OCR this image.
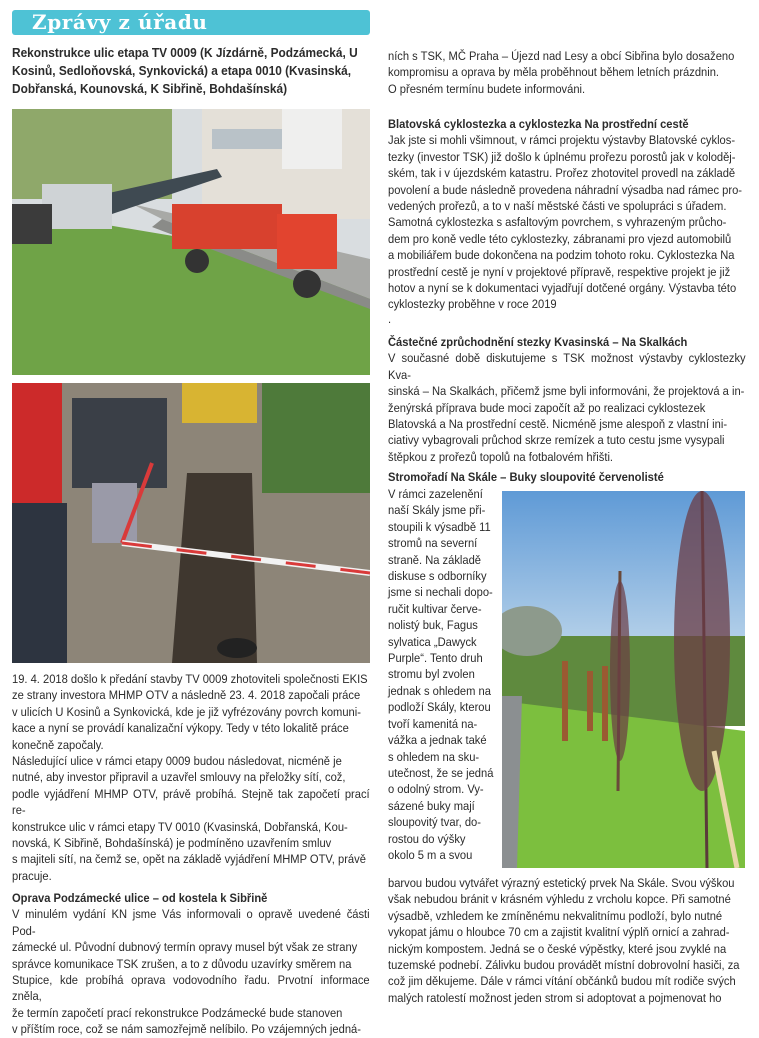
Zprávy z úřadu

Rekonstrukce ulic etapa TV 0009 (K Jízdárně, Podzámecká, U
Kosinů, Sedloňovská, Synkovická) a etapa 0010 (Kvasinská,
Dobřanská, Kounovská, K Sibřině, Bohdašínská)

19. 4. 2018 došlo k předání stavby TV 0009 zhotoviteli společnosti EKIS
ze strany investora MHMP OTV a následně 23. 4. 2018 započali práce
v ulicích U Kosinů a Synkovická, kde je již vyfrézovány povrch komuni-
kace a nyní se provádí kanalizační výkopy. Tedy v této lokalitě práce
konečně započaly.

Následující ulice v rámci etapy 0009 budou následovat, nicméně je
nutné, aby investor připravil a uzavřel smlouvy na přeložky sítí, což,
podle vyjádření MHMP OTV, právě probíhá. Stejně tak započetí prací re-
konstrukce ulic v rámci etapy TV 0010 (Kvasinská, Dobřanská, Kou-
novská, K Sibřině, Bohdašínská) je podmíněno uzavřením smluv
s majiteli sítí, na čemž se, opět na základě vyjádření MHMP OTV, právě
pracuje.

Oprava Podzámecké ulice – od kostela k Sibřině

V minulém vydání KN jsme Vás informovali o opravě uvedené části Pod-
zámecké ul. Původní dubnový termín opravy musel být však ze strany
správce komunikace TSK zrušen, a to z důvodu uzavírky směrem na
Stupice, kde probíhá oprava vodovodního řadu. Prvotní informace zněla,
že termín započetí prací rekonstrukce Podzámecké bude stanoven
v příštím roce, což se nám samozřejmě nelíbilo. Po vzájemných jedná-

ních s TSK, MČ Praha – Újezd nad Lesy a obcí Sibřina bylo dosaženo
kompromisu a oprava by měla proběhnout během letních prázdnin.
O přesném termínu budete informováni.

Blatovská cyklostezka a cyklostezka Na prostřední cestě

Jak jste si mohli všimnout, v rámci projektu výstavby Blatovské cyklos-
tezky (investor TSK) již došlo k úplnému prořezu porostů jak v koloděj-
ském, tak i v újezdském katastru. Prořez zhotovitel provedl na základě
povolení a bude následně provedena náhradní výsadba nad rámec pro-
vedených prořezů, a to v naší městské části ve spolupráci s úřadem.
Samotná cyklostezka s asfaltovým povrchem, s vyhrazeným průcho-
dem pro koně vedle této cyklostezky, zábranami pro vjezd automobilů
a mobiliářem bude dokončena na podzim tohoto roku. Cyklostezka Na
prostřední cestě je nyní v projektové přípravě, respektive projekt je již
hotov a nyní se k dokumentaci vyjadřují dotčené orgány. Výstavba této
cyklostezky proběhne v roce 2019

.

Částečné zprůchodnění stezky Kvasinská – Na Skalkách

V současné době diskutujeme s TSK možnost výstavby cyklostezky Kva-
sinská – Na Skalkách, přičemž jsme byli informováni, že projektová a in-
ženýrská příprava bude moci započít až po realizaci cyklostezek
Blatovská a Na prostřední cestě. Nicméně jsme alespoň z vlastní ini-
ciativy vybagrovali průchod skrze remízek a tuto cestu jsme vysypali
štěpkou z prořezů topolů na fotbalovém hřišti.

Stromořadí Na Skále – Buky sloupovité červenolisté

V rámci zazelenění
naší Skály jsme při-
stoupili k výsadbě 11
stromů na severní
straně. Na základě
diskuse s odborníky
jsme si nechali dopo-
ručit kultivar červe-
nolistý buk, Fagus
sylvatica „Dawyck
Purple“. Tento druh
stromu byl zvolen
jednak s ohledem na
podloží Skály, kterou
tvoří kamenitá na-
vážka a jednak také
s ohledem na sku-
utečnost, že se jedná
o odolný strom. Vy-
sázené buky mají
sloupovitý tvar, do-
rostou do výšky
okolo 5 m a svou

barvou budou vytvářet výrazný estetický prvek Na Skále. Svou výškou
však nebudou bránit v krásném výhledu z vrcholu kopce. Při samotné
výsadbě, vzhledem ke zmíněnému nekvalitnímu podloží, bylo nutné
vykopat jámu o hloubce 70 cm a zajistit kvalitní výplň ornicí a zahrad-
nickým kompostem. Jedná se o české výpěstky, které jsou zvyklé na
tuzemské podnebí. Zálivku budou provádět místní dobrovolní hasiči, za
což jim děkujeme. Dále v rámci vítání občánků budou mít rodiče svých
malých ratolestí možnost jeden strom si adoptovat a pojmenovat ho
